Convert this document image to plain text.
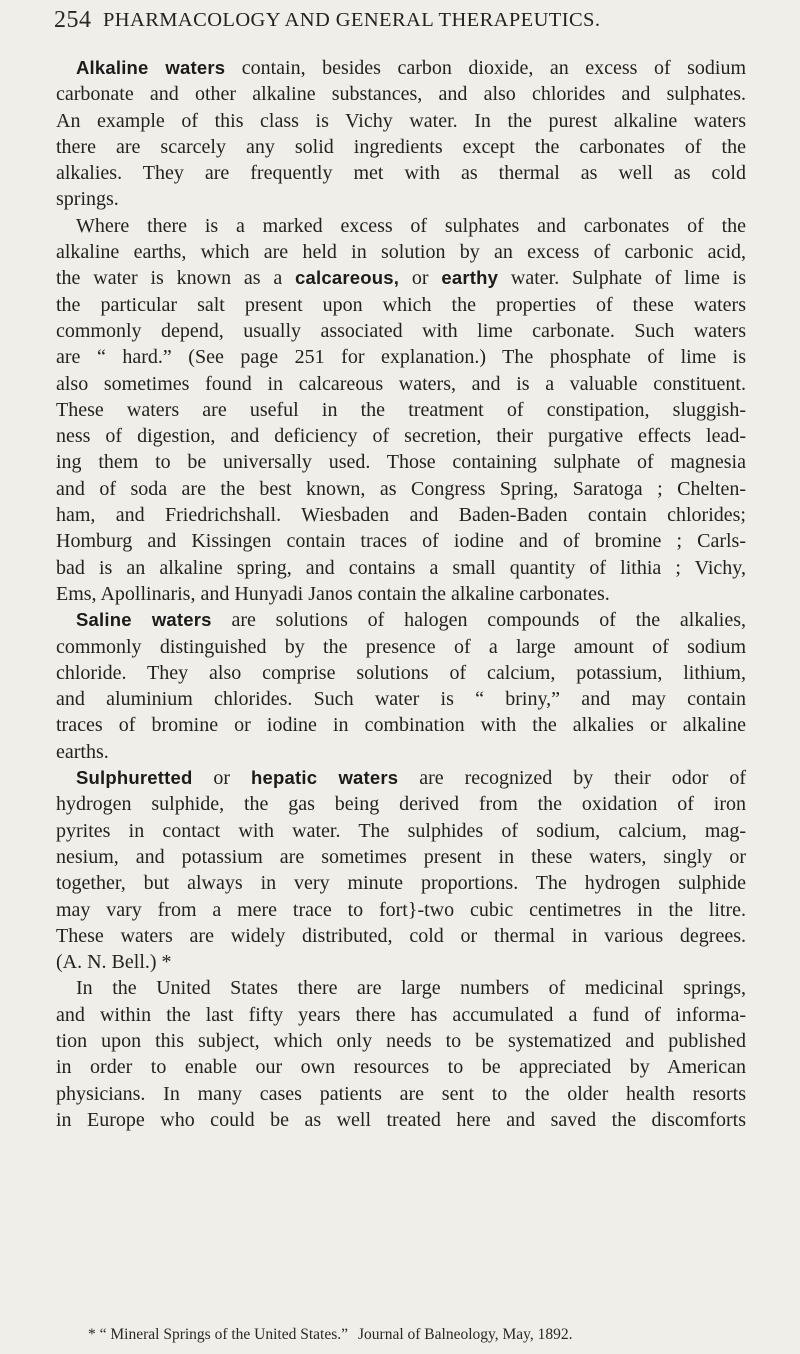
254 PHARMACOLOGY AND GENERAL THERAPEUTICS.
Alkaline waters contain, besides carbon dioxide, an excess of sodium
carbonate and other alkaline substances, and also chlorides and sulphates.
An example of this class is Vichy water. In the purest alkaline waters
there are scarcely any solid ingredients except the carbonates of the
alkalies. They are frequently met with as thermal as well as cold
springs.
Where there is a marked excess of sulphates and carbonates of the
alkaline earths, which are held in solution by an excess of carbonic acid,
the water is known as a calcareous, or earthy water. Sulphate of lime is
the particular salt present upon which the properties of these waters
commonly depend, usually associated with lime carbonate. Such waters
are “ hard.” (See page 251 for explanation.) The phosphate of lime is
also sometimes found in calcareous waters, and is a valuable constituent.
These waters are useful in the treatment of constipation, sluggish-
ness of digestion, and deficiency of secretion, their purgative effects lead-
ing them to be universally used. Those containing sulphate of magnesia
and of soda are the best known, as Congress Spring, Saratoga ; Chelten-
ham, and Friedrichshall. Wiesbaden and Baden-Baden contain chlorides;
Homburg and Kissingen contain traces of iodine and of bromine ; Carls-
bad is an alkaline spring, and contains a small quantity of lithia ; Vichy,
Ems, Apollinaris, and Hunyadi Janos contain the alkaline carbonates.
Saline waters are solutions of halogen compounds of the alkalies,
commonly distinguished by the presence of a large amount of sodium
chloride. They also comprise solutions of calcium, potassium, lithium,
and aluminium chlorides. Such water is “ briny,” and may contain
traces of bromine or iodine in combination with the alkalies or alkaline
earths.
Sulphuretted or hepatic waters are recognized by their odor of
hydrogen sulphide, the gas being derived from the oxidation of iron
pyrites in contact with water. The sulphides of sodium, calcium, mag-
nesium, and potassium are sometimes present in these waters, singly or
together, but always in very minute proportions. The hydrogen sulphide
may vary from a mere trace to fort}-two cubic centimetres in the litre.
These waters are widely distributed, cold or thermal in various degrees.
(A. N. Bell.) *
In the United States there are large numbers of medicinal springs,
and within the last fifty years there has accumulated a fund of informa-
tion upon this subject, which only needs to be systematized and published
in order to enable our own resources to be appreciated by American
physicians. In many cases patients are sent to the older health resorts
in Europe who could be as well treated here and saved the discomforts
* “ Mineral Springs of the United States.” Journal of Balneology, May, 1892.
